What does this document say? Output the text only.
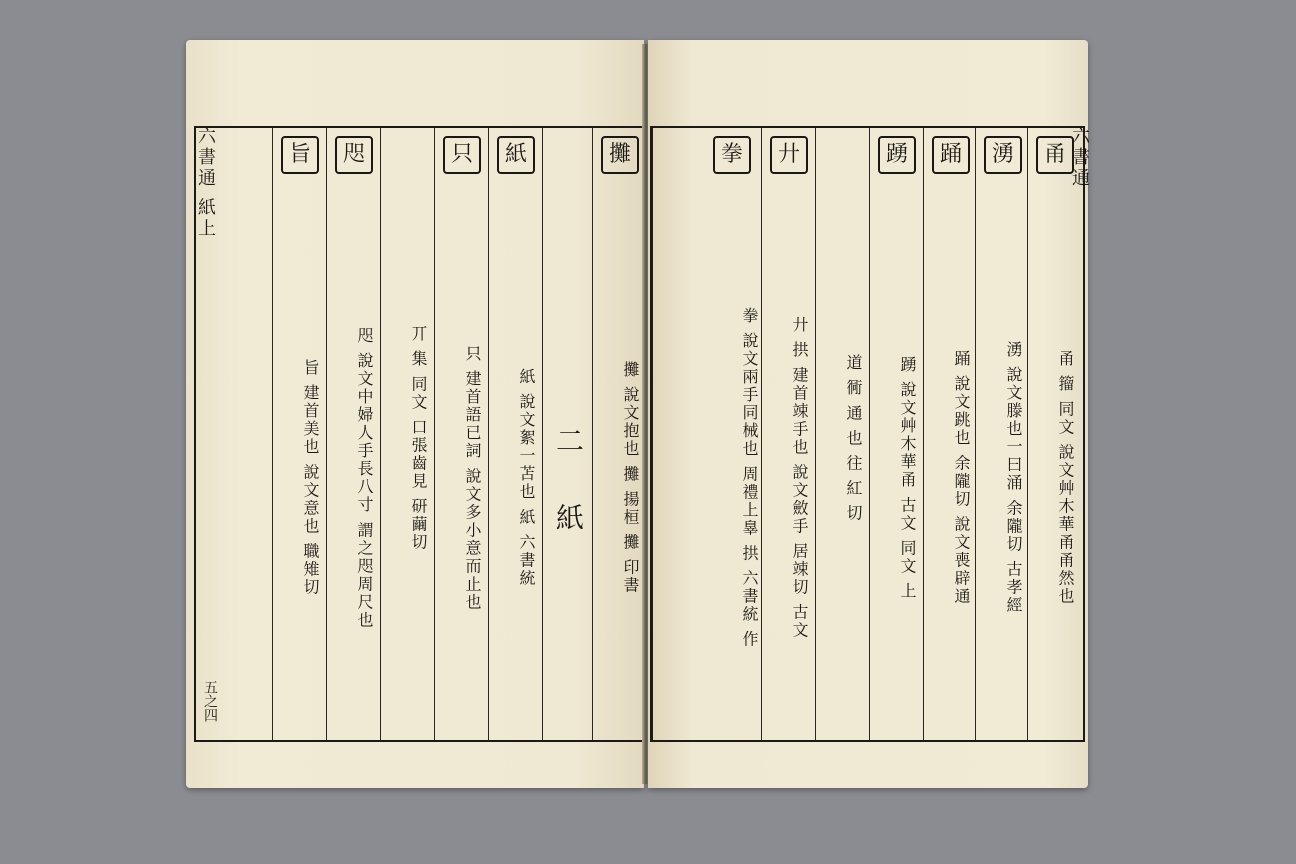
六書通 紙上	攤
攤 說文抱也 攤 揚桓 攤 印書
二 紙
紙
紙 說文絮一苫也 紙 六書統
只
只 建首語已詞 說文多小意而止也
丌 集 同文 口張齒見 研繭切
咫
咫 說文中婦人手長八寸 謂之咫周尺也
旨
旨 建首美也 說文意也 職雉切
五之四
甬
甬 籀 同文 說文艸木華甬甬然也
湧
湧 說文滕也一曰涌 余隴切 古孝經
踊
踊 說文跳也 余隴切 說文喪辟通
踴
踴 說文艸木華甬 古文 同文 上
道 衕 通 也 往 紅 切
廾
廾 拱 建首竦手也 說文斂手 居竦切 古文
拳
拳 說文兩手同械也 周禮上辠 拱 六書統 作
六書通
